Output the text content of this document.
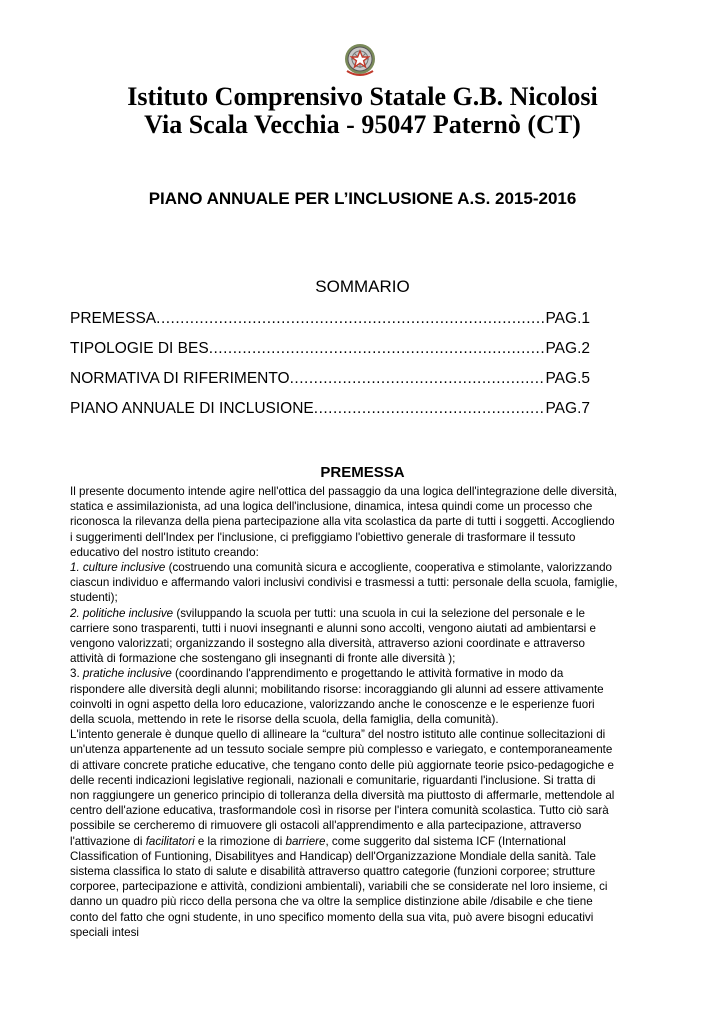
Istituto Comprensivo Statale G.B. Nicolosi
Via Scala Vecchia - 95047 Paternò (CT)
PIANO ANNUALE PER L’INCLUSIONE A.S. 2015-2016
SOMMARIO
PREMESSA .....	PAG.1
TIPOLOGIE DI BES .....	PAG.2
NORMATIVA DI RIFERIMENTO .....	PAG.5
PIANO ANNUALE DI INCLUSIONE .....	PAG.7
PREMESSA

Il presente documento intende agire nell'ottica del passaggio da una logica dell'integrazione delle diversità, statica e assimilazionista, ad una logica dell'inclusione, dinamica, intesa quindi come un processo che riconosca la rilevanza della piena partecipazione alla vita scolastica da parte di tutti i soggetti. Accogliendo i suggerimenti dell'Index per l'inclusione, ci prefiggiamo l'obiettivo generale di trasformare il tessuto educativo del nostro istituto creando:

1. culture inclusive (costruendo una comunità sicura e accogliente, cooperativa e stimolante, valorizzando ciascun individuo e affermando valori inclusivi condivisi e trasmessi a tutti: personale della scuola, famiglie, studenti);

2. politiche inclusive (sviluppando la scuola per tutti: una scuola in cui la selezione del personale e le carriere sono trasparenti, tutti i nuovi insegnanti e alunni sono accolti, vengono aiutati ad ambientarsi e vengono valorizzati; organizzando il sostegno alla diversità, attraverso azioni coordinate e attraverso attività di formazione che sostengano gli insegnanti di fronte alle diversità );

3. pratiche inclusive (coordinando l'apprendimento e progettando le attività formative in modo da rispondere alle diversità degli alunni; mobilitando risorse: incoraggiando gli alunni ad essere attivamente coinvolti in ogni aspetto della loro educazione, valorizzando anche le conoscenze e le esperienze fuori della scuola, mettendo in rete le risorse della scuola, della famiglia, della comunità).

L'intento generale è dunque quello di allineare la “cultura” del nostro istituto alle continue sollecitazioni di un'utenza appartenente ad un tessuto sociale sempre più complesso e variegato, e contemporaneamente di attivare concrete pratiche educative, che tengano conto delle più aggiornate teorie psico-pedagogiche e delle recenti indicazioni legislative regionali, nazionali e comunitarie, riguardanti l'inclusione. Si tratta di non raggiungere un generico principio di tolleranza della diversità ma piuttosto di affermarle, mettendole al centro dell'azione educativa, trasformandole così in risorse per l'intera comunità scolastica. Tutto ciò sarà possibile se cercheremo di rimuovere gli ostacoli all'apprendimento e alla partecipazione, attraverso l'attivazione di facilitatori e la rimozione di barriere, come suggerito dal sistema ICF (International Classification of Funtioning, Disabilityes and Handicap) dell'Organizzazione Mondiale della sanità. Tale sistema classifica lo stato di salute e disabilità attraverso quattro categorie (funzioni corporee; strutture corporee, partecipazione e attività, condizioni ambientali), variabili che se considerate nel loro insieme, ci danno un quadro più ricco della persona che va oltre la semplice distinzione abile /disabile e che tiene conto del fatto che ogni studente, in uno specifico momento della sua vita, può avere bisogni educativi speciali intesi
